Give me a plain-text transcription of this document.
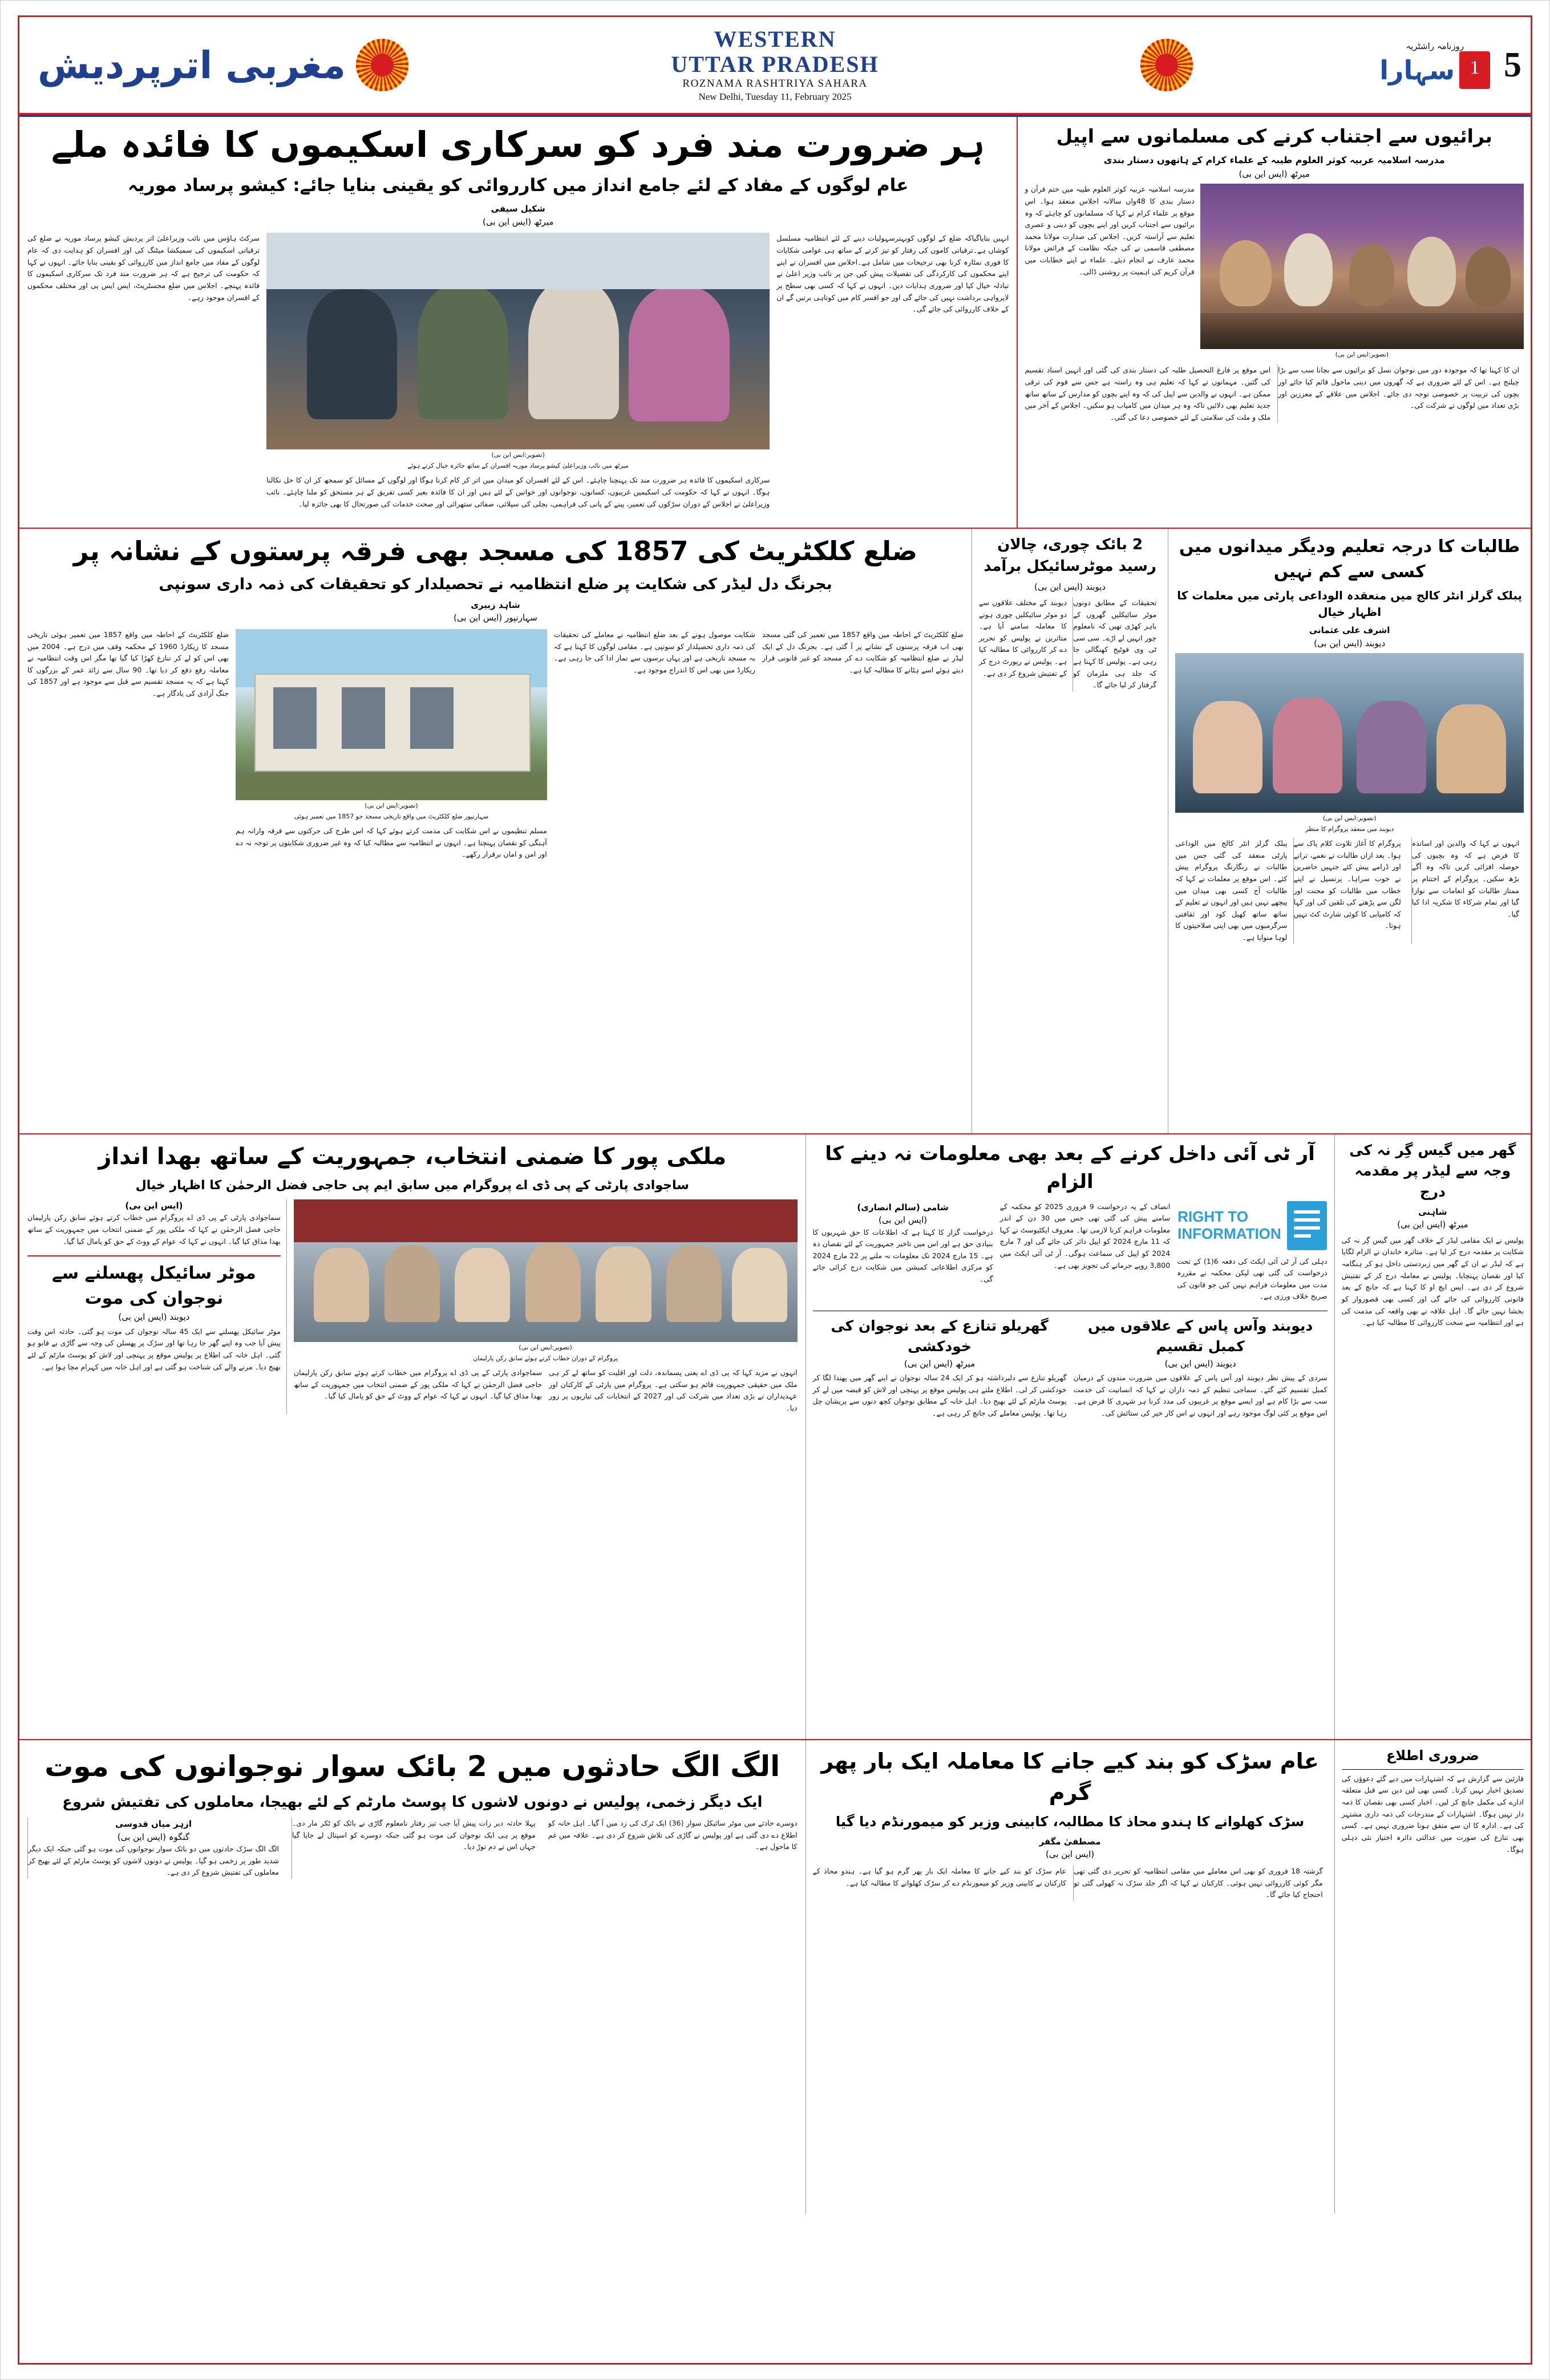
5
روزنامہ راشٹریہ
1
سہارا
WESTERN
UTTAR PRADESH
ROZNAMA RASHTRIYA SAHARA
New Delhi, Tuesday 11, February 2025
مغربی اترپردیش
برائیوں سے اجتناب کرنے کی مسلمانوں سے اپیل
مدرسہ اسلامیہ عربیہ کوثر العلوم طیبہ کے علماء کرام کے ہاتھوں دستار بندی
میرٹھ (ایس این بی)
(تصویر:ایس این بی)
مدرسہ اسلامیہ عربیہ کوثر العلوم طیبہ میں ختم قرآن و دستار بندی کا 48واں سالانہ اجلاس منعقد ہوا۔ اس موقع پر علماء کرام نے کہا کہ مسلمانوں کو چاہئے کہ وہ برائیوں سے اجتناب کریں اور اپنے بچوں کو دینی و عصری تعلیم سے آراستہ کریں۔ اجلاس کی صدارت مولانا محمد مصطفی قاسمی نے کی جبکہ نظامت کے فرائض مولانا محمد عارف نے انجام دیئے۔ علماء نے اپنے خطابات میں قرآن کریم کی اہمیت پر روشنی ڈالی۔
ان کا کہنا تھا کہ موجودہ دور میں نوجوان نسل کو برائیوں سے بچانا سب سے بڑا چیلنج ہے۔ اس کے لئے ضروری ہے کہ گھروں میں دینی ماحول قائم کیا جائے اور بچوں کی تربیت پر خصوصی توجہ دی جائے۔ اجلاس میں علاقے کے معززین اور بڑی تعداد میں لوگوں نے شرکت کی۔
اس موقع پر فارغ التحصیل طلبہ کی دستار بندی کی گئی اور انہیں اسناد تقسیم کی گئیں۔ مہمانوں نے کہا کہ تعلیم ہی وہ راستہ ہے جس سے قوم کی ترقی ممکن ہے۔ انہوں نے والدین سے اپیل کی کہ وہ اپنے بچوں کو مدارس کے ساتھ ساتھ جدید تعلیم بھی دلائیں تاکہ وہ ہر میدان میں کامیاب ہو سکیں۔ اجلاس کے آخر میں ملک و ملت کی سلامتی کے لئے خصوصی دعا کی گئی۔
ہر ضرورت مند فرد کو سرکاری اسکیموں کا فائدہ ملے
عام لوگوں کے مفاد کے لئے جامع انداز میں کارروائی کو یقینی بنایا جائے: کیشو پرساد موریہ
شکیل سیفی
میرٹھ (ایس این بی)
انہیں بتایاگیاکہ ضلع کے لوگوں کوبہترسہولیات دینے کے لئے انتظامیہ مسلسل کوشاں ہے۔ترقیاتی کاموں کی رفتار کو تیز کرنے کے ساتھ ہی عوامی شکایات کا فوری نمٹارہ کرنا بھی ترجیحات میں شامل ہے۔اجلاس میں افسران نے اپنے اپنے محکموں کی کارکردگی کی تفصیلات پیش کیں جن پر نائب وزیر اعلیٰ نے تبادلہ خیال کیا اور ضروری ہدایات دیں۔ انہوں نے کہا کہ کسی بھی سطح پر لاپرواہی برداشت نہیں کی جائے گی اور جو افسر کام میں کوتاہی برتیں گے ان کے خلاف کارروائی کی جائے گی۔
(تصویر:ایس این بی)
میرٹھ میں نائب وزیراعلیٰ کیشو پرساد موریہ افسران کے ساتھ جائزہ خیال کرتے ہوئے
سرکاری اسکیموں کا فائدہ ہر ضرورت مند تک پہنچنا چاہئے۔ اس کے لئے افسران کو میدان میں اتر کر کام کرنا ہوگا اور لوگوں کے مسائل کو سمجھ کر ان کا حل نکالنا ہوگا۔ انہوں نے کہا کہ حکومت کی اسکیمیں غریبوں، کسانوں، نوجوانوں اور خواتین کے لئے ہیں اور ان کا فائدہ بغیر کسی تفریق کے ہر مستحق کو ملنا چاہئے۔ نائب وزیراعلیٰ نے اجلاس کے دوران سڑکوں کی تعمیر، پینے کے پانی کی فراہمی، بجلی کی سپلائی، صفائی ستھرائی اور صحت خدمات کی صورتحال کا بھی جائزہ لیا۔
سرکٹ ہاؤس میں نائب وزیراعلیٰ اتر پردیش کیشو پرساد موریہ نے ضلع کی ترقیاتی اسکیموں کی سمیکشا میٹنگ کی اور افسران کو ہدایت دی کہ عام لوگوں کے مفاد میں جامع انداز میں کارروائی کو یقینی بنایا جائے۔ انہوں نے کہا کہ حکومت کی ترجیح ہے کہ ہر ضرورت مند فرد تک سرکاری اسکیموں کا فائدہ پہنچے۔ اجلاس میں ضلع مجسٹریٹ، ایس ایس پی اور مختلف محکموں کے افسران موجود رہے۔
طالبات کا درجہ تعلیم ودیگر میدانوں میں کسی سے کم نہیں
پبلک گرلز انٹر کالج میں منعقدہ الوداعی پارٹی میں معلمات کا اظہار خیال
اشرف علی عثمانی
دیوبند (ایس این بی)
(تصویر:ایس این بی)
دیوبند میں منعقد پروگرام کا منظر
انہوں نے کہا کہ والدین اور اساتذہ کا فرض ہے کہ وہ بچیوں کی حوصلہ افزائی کریں تاکہ وہ آگے بڑھ سکیں۔ پروگرام کے اختتام پر ممتاز طالبات کو انعامات سے نوازا گیا اور تمام شرکاء کا شکریہ ادا کیا گیا۔
پروگرام کا آغاز تلاوت کلام پاک سے ہوا۔ بعد ازاں طالبات نے نغمے، ترانے اور ڈرامے پیش کئے جنہیں حاضرین نے خوب سراہا۔ پرنسپل نے اپنے خطاب میں طالبات کو محنت اور لگن سے پڑھنے کی تلقین کی اور کہا کہ کامیابی کا کوئی شارٹ کٹ نہیں ہوتا۔
پبلک گرلز انٹر کالج میں الوداعی پارٹی منعقد کی گئی جس میں طالبات نے رنگارنگ پروگرام پیش کئے۔ اس موقع پر معلمات نے کہا کہ طالبات آج کسی بھی میدان میں پیچھے نہیں ہیں اور انہوں نے تعلیم کے ساتھ ساتھ کھیل کود اور ثقافتی سرگرمیوں میں بھی اپنی صلاحیتوں کا لوہا منوایا ہے۔
2 بائک چوری، چالان رسید موٹرسائیکل برآمد
دیوبند (ایس این بی)
تحقیقات کے مطابق دونوں موٹر سائیکلیں گھروں کے باہر کھڑی تھیں کہ نامعلوم چور انہیں لے اڑے۔ سی سی ٹی وی فوٹیج کھنگالی جا رہی ہے۔ پولیس کا کہنا ہے کہ جلد ہی ملزمان کو گرفتار کر لیا جائے گا۔
دیوبند کے مختلف علاقوں سے دو موٹر سائیکلیں چوری ہونے کا معاملہ سامنے آیا ہے۔ متاثرین نے پولیس کو تحریر دے کر کارروائی کا مطالبہ کیا ہے۔ پولیس نے رپورٹ درج کر کے تفتیش شروع کر دی ہے۔
ضلع کلکٹریٹ کی 1857 کی مسجد بھی فرقہ پرستوں کے نشانہ پر
بجرنگ دل لیڈر کی شکایت پر ضلع انتظامیہ نے تحصیلدار کو تحقیقات کی ذمہ داری سونپی
شاہد زبیری
سہارنپور (ایس این بی)
ضلع کلکٹریٹ کے احاطہ میں واقع 1857 میں تعمیر کی گئی مسجد بھی اب فرقہ پرستوں کے نشانے پر آ گئی ہے۔ بجرنگ دل کے ایک لیڈر نے ضلع انتظامیہ کو شکایت دے کر مسجد کو غیر قانونی قرار دیتے ہوئے اسے ہٹانے کا مطالبہ کیا ہے۔
شکایت موصول ہونے کے بعد ضلع انتظامیہ نے معاملے کی تحقیقات کی ذمہ داری تحصیلدار کو سونپی ہے۔ مقامی لوگوں کا کہنا ہے کہ یہ مسجد تاریخی ہے اور یہاں برسوں سے نماز ادا کی جا رہی ہے۔ ریکارڈ میں بھی اس کا اندراج موجود ہے۔
(تصویر:ایس این بی)
سہارنپور ضلع کلکٹریٹ میں واقع تاریخی مسجد جو 1857 میں تعمیر ہوئی
مسلم تنظیموں نے اس شکایت کی مذمت کرتے ہوئے کہا کہ اس طرح کی حرکتوں سے فرقہ وارانہ ہم آہنگی کو نقصان پہنچتا ہے۔ انہوں نے انتظامیہ سے مطالبہ کیا کہ وہ غیر ضروری شکایتوں پر توجہ نہ دے اور امن و امان برقرار رکھے۔
ضلع کلکٹریٹ کے احاطہ میں واقع 1857 میں تعمیر ہوئی تاریخی مسجد کا ریکارڈ 1960 کے محکمہ وقف میں درج ہے۔ 2004 میں بھی اس کو لے کر تنازع کھڑا کیا گیا تھا مگر اس وقت انتظامیہ نے معاملہ رفع دفع کر دیا تھا۔ 90 سال سے زائد عمر کے بزرگوں کا کہنا ہے کہ یہ مسجد تقسیم سے قبل سے موجود ہے اور 1857 کی جنگ آزادی کی یادگار ہے۔
گھر میں گیس گِر نہ کی وجہ سے لیڈر پر مقدمہ درج
شاہنی
میرٹھ (ایس این بی)
پولیس نے ایک مقامی لیڈر کے خلاف گھر میں گیس گِر نہ کی شکایت پر مقدمہ درج کر لیا ہے۔ متاثرہ خاندان نے الزام لگایا ہے کہ لیڈر نے ان کے گھر میں زبردستی داخل ہو کر ہنگامہ کیا اور نقصان پہنچایا۔ پولیس نے معاملہ درج کر کے تفتیش شروع کر دی ہے۔ ایس ایچ او کا کہنا ہے کہ جانچ کے بعد قانونی کارروائی کی جائے گی اور کسی بھی قصوروار کو بخشا نہیں جائے گا۔ اہل علاقہ نے بھی واقعہ کی مذمت کی ہے اور انتظامیہ سے سخت کارروائی کا مطالبہ کیا ہے۔
آر ٹی آئی داخل کرنے کے بعد بھی معلومات نہ دینے کا الزام
RIGHT TO
INFORMATION
دہلی کی آر ٹی آئی ایکٹ کی دفعہ 6(1) کے تحت درخواست کی گئی تھی لیکن محکمہ نے مقررہ مدت میں معلومات فراہم نہیں کیں جو قانون کی صریح خلاف ورزی ہے۔
انصاف کے یہ درخواست 9 فروری 2025 کو محکمہ کے سامنے پیش کی گئی تھی جس میں 30 دن کے اندر معلومات فراہم کرنا لازمی تھا۔ معروف ایکٹیوسٹ نے کہا کہ 11 مارچ 2024 کو اپیل دائر کی جائے گی اور 7 مارچ 2024 کو اپیل کی سماعت ہوگی۔ آر ٹی آئی ایکٹ میں 3,800 روپے جرمانے کی تجویز بھی ہے۔
شامی (سالم انصاری)
(ایس این بی)
درخواست گزار کا کہنا ہے کہ اطلاعات کا حق شہریوں کا بنیادی حق ہے اور اس میں تاخیر جمہوریت کے لئے نقصان دہ ہے۔ 15 مارچ 2024 تک معلومات نہ ملنے پر 22 مارچ 2024 کو مرکزی اطلاعاتی کمیشن میں شکایت درج کرائی جائے گی۔
دیوبند وآس پاس کے علاقوں میں کمبل تقسیم
دیوبند (ایس این بی)
سردی کے پیش نظر دیوبند اور آس پاس کے علاقوں میں ضرورت مندوں کے درمیان کمبل تقسیم کئے گئے۔ سماجی تنظیم کے ذمہ داران نے کہا کہ انسانیت کی خدمت سب سے بڑا کام ہے اور ایسے موقع پر غریبوں کی مدد کرنا ہر شہری کا فرض ہے۔ اس موقع پر کئی لوگ موجود رہے اور انہوں نے اس کار خیر کی ستائش کی۔
گھریلو تنازع کے بعد نوجوان کی خودکشی
میرٹھ (ایس این بی)
گھریلو تنازع سے دلبرداشتہ ہو کر ایک 24 سالہ نوجوان نے اپنے گھر میں پھندا لگا کر خودکشی کر لی۔ اطلاع ملتے ہی پولیس موقع پر پہنچی اور لاش کو قبضہ میں لے کر پوسٹ مارٹم کے لئے بھیج دیا۔ اہل خانہ کے مطابق نوجوان کچھ دنوں سے پریشان چل رہا تھا۔ پولیس معاملے کی جانچ کر رہی ہے۔
ملکی پور کا ضمنی انتخاب، جمہوریت کے ساتھ بھدا انداز
ساجوادی پارٹی کے پی ڈی اے پروگرام میں سابق ایم پی حاجی فضل الرحمٰن کا اظہار خیال
(تصویر:ایس این بی)
پروگرام کے دوران خطاب کرتے ہوئے سابق رکن پارلیمان
انہوں نے مزید کہا کہ پی ڈی اے یعنی پسماندہ، دلت اور اقلیت کو ساتھ لے کر ہی ملک میں حقیقی جمہوریت قائم ہو سکتی ہے۔ پروگرام میں پارٹی کے کارکنان اور عہدیداران نے بڑی تعداد میں شرکت کی اور 2027 کے انتخابات کی تیاریوں پر زور دیا۔
سماجوادی پارٹی کے پی ڈی اے پروگرام میں خطاب کرتے ہوئے سابق رکن پارلیمان حاجی فضل الرحمٰن نے کہا کہ ملکی پور کے ضمنی انتخاب میں جمہوریت کے ساتھ بھدا مذاق کیا گیا۔ انہوں نے کہا کہ عوام کے ووٹ کے حق کو پامال کیا گیا۔
(ایس این بی)
سماجوادی پارٹی کے پی ڈی اے پروگرام میں خطاب کرتے ہوئے سابق رکن پارلیمان حاجی فضل الرحمٰن نے کہا کہ ملکی پور کے ضمنی انتخاب میں جمہوریت کے ساتھ بھدا مذاق کیا گیا۔ انہوں نے کہا کہ عوام کے ووٹ کے حق کو پامال کیا گیا۔
موٹر سائیکل پھسلنے سے نوجوان کی موت
دیوبند (ایس این بی)
موٹر سائیکل پھسلنے سے ایک 45 سالہ نوجوان کی موت ہو گئی۔ حادثہ اس وقت پیش آیا جب وہ اپنے گھر جا رہا تھا اور سڑک پر پھسلن کی وجہ سے گاڑی بے قابو ہو گئی۔ اہل خانہ کی اطلاع پر پولیس موقع پر پہنچی اور لاش کو پوسٹ مارٹم کے لئے بھیج دیا۔ مرنے والے کی شناخت ہو گئی ہے اور اہل خانہ میں کہرام مچا ہوا ہے۔
ضروری اطلاع
قارئین سے گزارش ہے کہ اشتہارات میں دیے گئے دعوؤں کی تصدیق اخبار نہیں کرتا۔ کسی بھی لین دین سے قبل متعلقہ ادارے کی مکمل جانچ کر لیں۔ اخبار کسی بھی نقصان کا ذمہ دار نہیں ہوگا۔ اشتہارات کے مندرجات کی ذمہ داری مشتہر کی ہے۔ ادارہ کا ان سے متفق ہونا ضروری نہیں ہے۔ کسی بھی تنازع کی صورت میں عدالتی دائرہ اختیار نئی دہلی ہوگا۔
عام سڑک کو بند کیے جانے کا معاملہ ایک بار پھر گرم
سڑک کھلوانے کا ہندو محاذ کا مطالبہ، کابینی وزیر کو میمورنڈم دیا گیا
مصطفیٰ مگفر
(ایس این بی)
گزشتہ 18 فروری کو بھی اس معاملے میں مقامی انتظامیہ کو تحریر دی گئی تھی مگر کوئی کارروائی نہیں ہوئی۔ کارکنان نے کہا کہ اگر جلد سڑک نہ کھولی گئی تو احتجاج کیا جائے گا۔
عام سڑک کو بند کیے جانے کا معاملہ ایک بار پھر گرم ہو گیا ہے۔ ہندو محاذ کے کارکنان نے کابینی وزیر کو میمورنڈم دے کر سڑک کھلوانے کا مطالبہ کیا ہے۔
الگ الگ حادثوں میں 2 بائک سوار نوجوانوں کی موت
ایک دیگر زخمی، پولیس نے دونوں لاشوں کا پوسٹ مارٹم کے لئے بھیجا، معاملوں کی تفتیش شروع
دوسرے حادثے میں موٹر سائیکل سوار (36) ایک ٹرک کی زد میں آ گیا۔ اہل خانہ کو اطلاع دے دی گئی ہے اور پولیس نے گاڑی کی تلاش شروع کر دی ہے۔ علاقہ میں غم کا ماحول ہے۔
پہلا حادثہ دیر رات پیش آیا جب تیز رفتار نامعلوم گاڑی نے بائک کو ٹکر مار دی۔ موقع پر ہی ایک نوجوان کی موت ہو گئی جبکہ دوسرے کو اسپتال لے جایا گیا جہاں اس نے دم توڑ دیا۔
ازہر میاں قدوسی
گنگوہ (ایس این بی)
الگ الگ سڑک حادثوں میں دو بائک سوار نوجوانوں کی موت ہو گئی جبکہ ایک دیگر شدید طور پر زخمی ہو گیا۔ پولیس نے دونوں لاشوں کو پوسٹ مارٹم کے لئے بھیج کر معاملوں کی تفتیش شروع کر دی ہے۔
